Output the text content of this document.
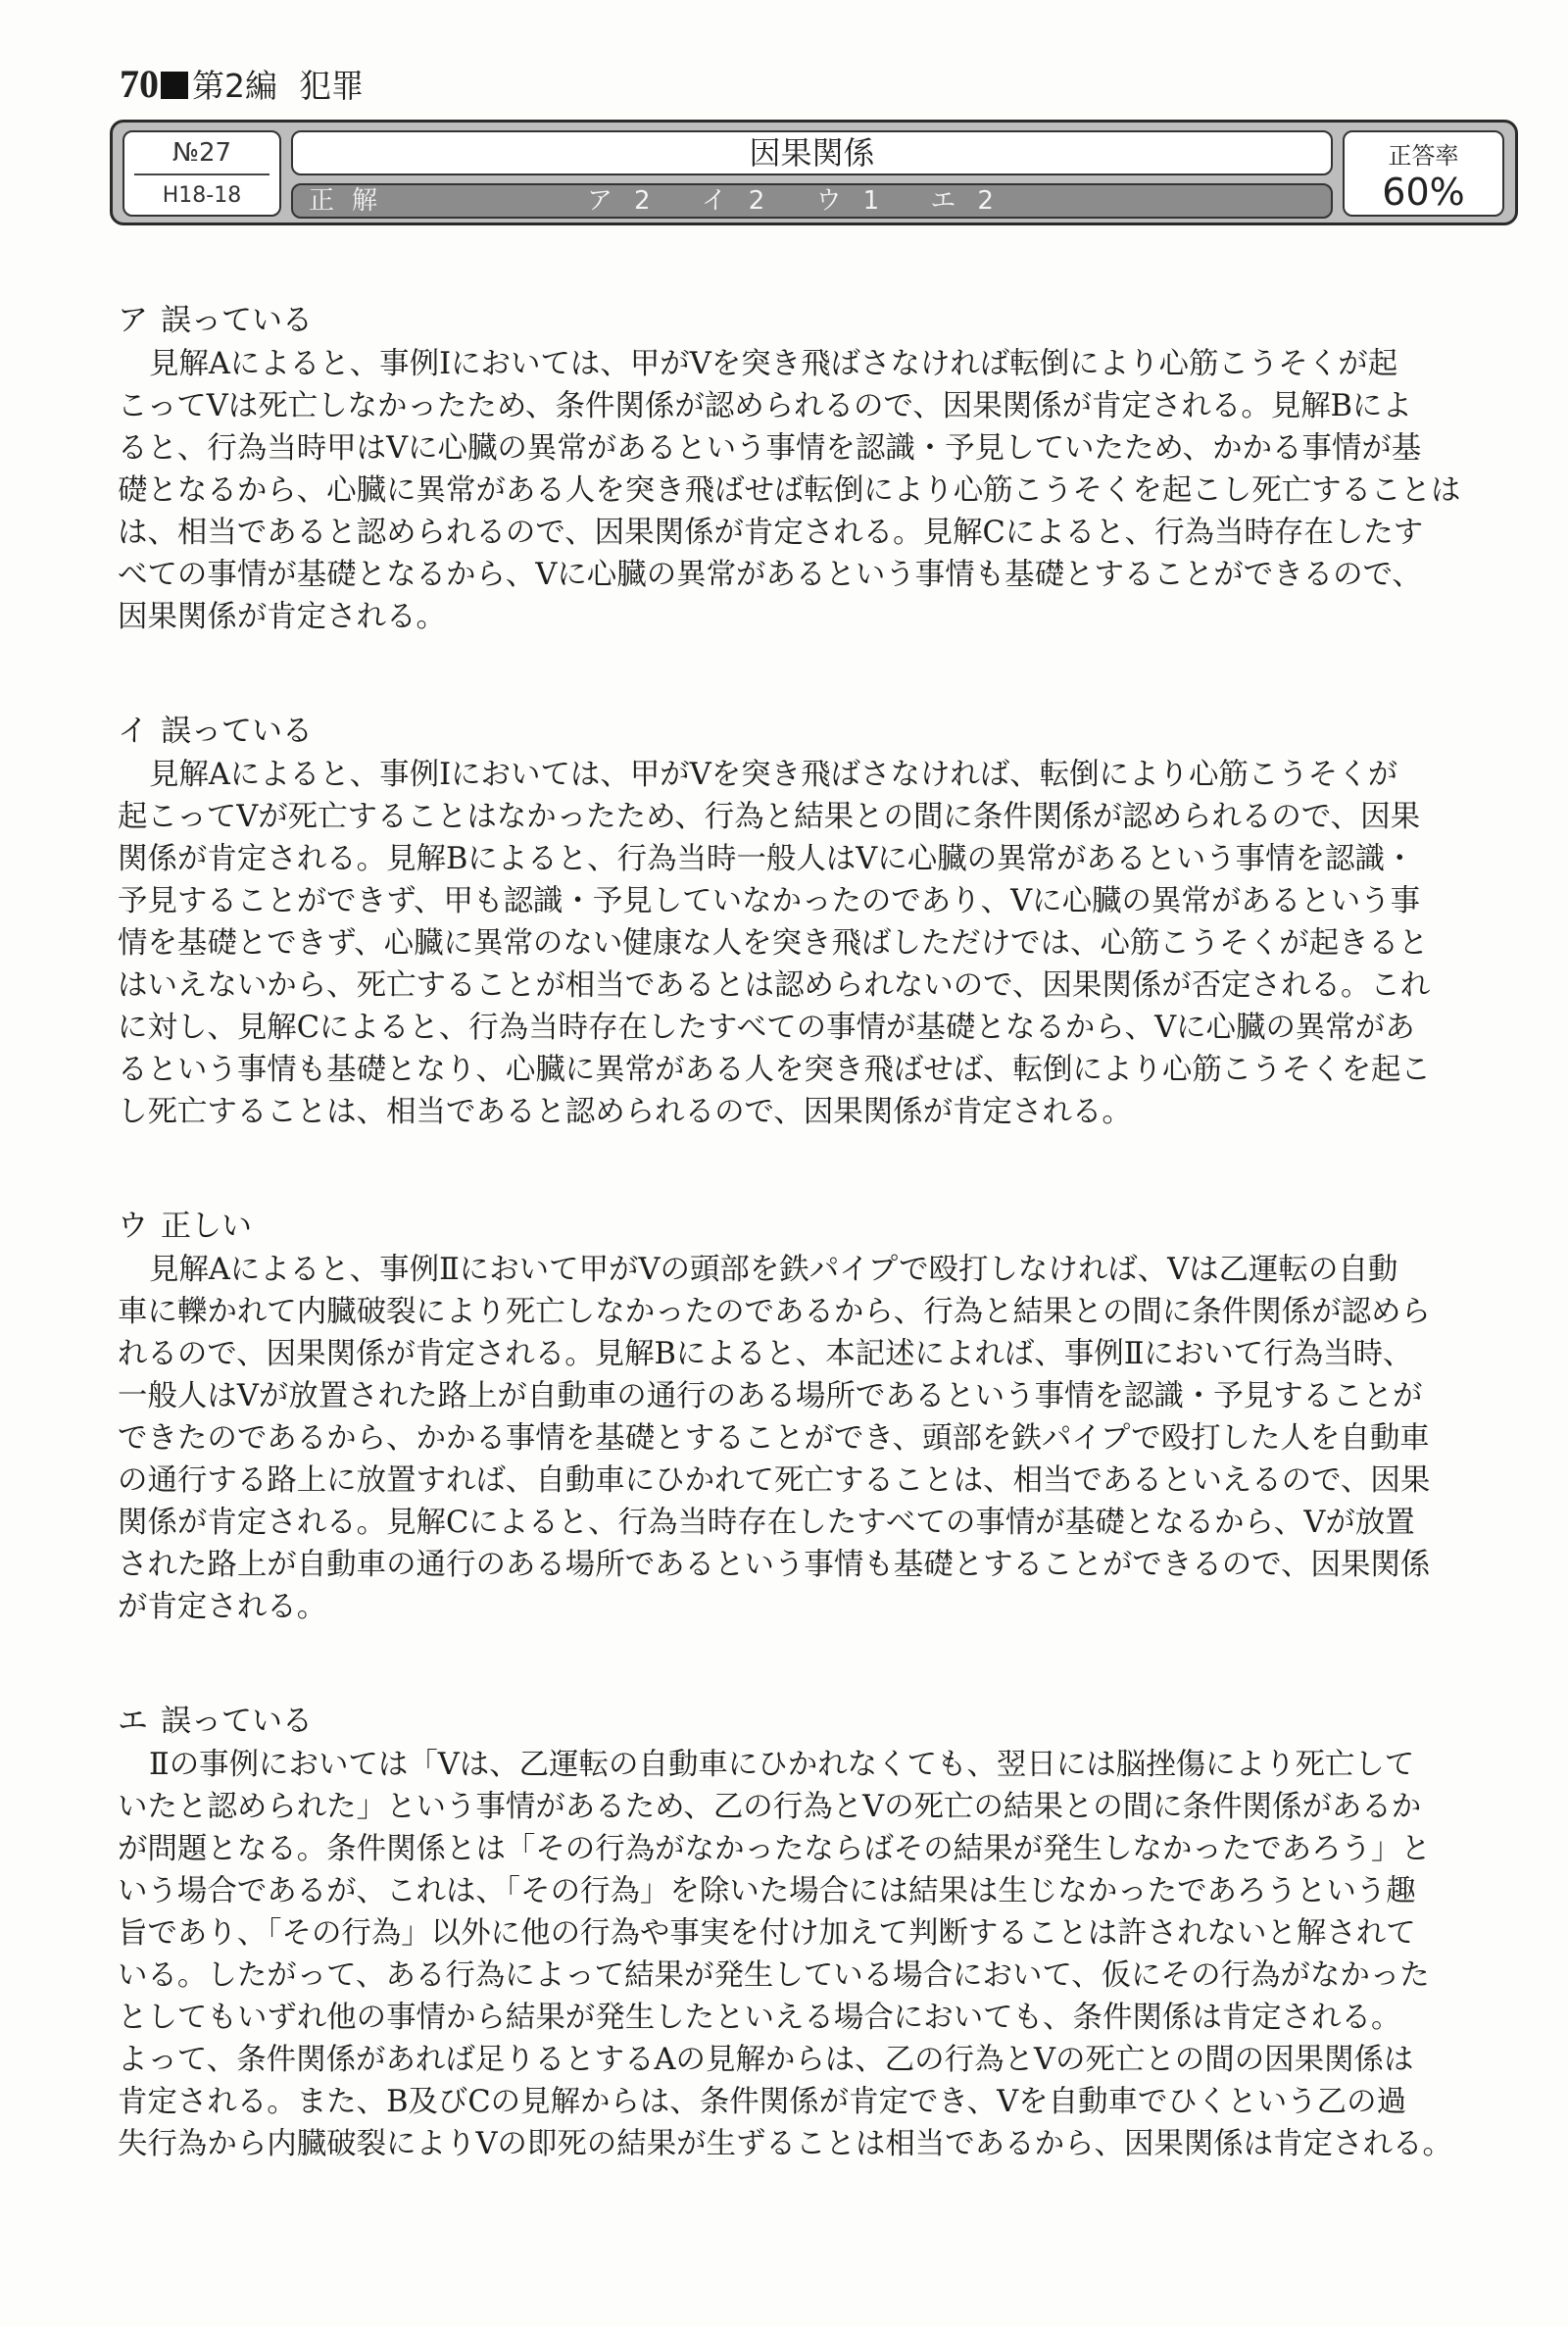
70 第2編 犯罪
№27
H18-18
因果関係
正解	ア2 イ2 ウ1 エ2
正答率
60%
ア 誤っている
見解Aによると、事例Ⅰにおいては、甲がVを突き飛ばさなければ転倒により心筋こうそくが起
こってVは死亡しなかったため、条件関係が認められるので、因果関係が肯定される。見解Bによ
ると、行為当時甲はVに心臓の異常があるという事情を認識・予見していたため、かかる事情が基
礎となるから、心臓に異常がある人を突き飛ばせば転倒により心筋こうそくを起こし死亡することは
は、相当であると認められるので、因果関係が肯定される。見解Cによると、行為当時存在したす
べての事情が基礎となるから、Vに心臓の異常があるという事情も基礎とすることができるので、
因果関係が肯定される。
イ 誤っている
見解Aによると、事例Ⅰにおいては、甲がVを突き飛ばさなければ、転倒により心筋こうそくが
起こってVが死亡することはなかったため、行為と結果との間に条件関係が認められるので、因果
関係が肯定される。見解Bによると、行為当時一般人はVに心臓の異常があるという事情を認識・
予見することができず、甲も認識・予見していなかったのであり、Vに心臓の異常があるという事
情を基礎とできず、心臓に異常のない健康な人を突き飛ばしただけでは、心筋こうそくが起きると
はいえないから、死亡することが相当であるとは認められないので、因果関係が否定される。これ
に対し、見解Cによると、行為当時存在したすべての事情が基礎となるから、Vに心臓の異常があ
るという事情も基礎となり、心臓に異常がある人を突き飛ばせば、転倒により心筋こうそくを起こ
し死亡することは、相当であると認められるので、因果関係が肯定される。
ウ 正しい
見解Aによると、事例Ⅱにおいて甲がVの頭部を鉄パイプで殴打しなければ、Vは乙運転の自動
車に轢かれて内臓破裂により死亡しなかったのであるから、行為と結果との間に条件関係が認めら
れるので、因果関係が肯定される。見解Bによると、本記述によれば、事例Ⅱにおいて行為当時、
一般人はVが放置された路上が自動車の通行のある場所であるという事情を認識・予見することが
できたのであるから、かかる事情を基礎とすることができ、頭部を鉄パイプで殴打した人を自動車
の通行する路上に放置すれば、自動車にひかれて死亡することは、相当であるといえるので、因果
関係が肯定される。見解Cによると、行為当時存在したすべての事情が基礎となるから、Vが放置
された路上が自動車の通行のある場所であるという事情も基礎とすることができるので、因果関係
が肯定される。
エ 誤っている
Ⅱの事例においては「Vは、乙運転の自動車にひかれなくても、翌日には脳挫傷により死亡して
いたと認められた」という事情があるため、乙の行為とVの死亡の結果との間に条件関係があるか
が問題となる。条件関係とは「その行為がなかったならばその結果が発生しなかったであろう」と
いう場合であるが、これは、「その行為」を除いた場合には結果は生じなかったであろうという趣
旨であり、「その行為」以外に他の行為や事実を付け加えて判断することは許されないと解されて
いる。したがって、ある行為によって結果が発生している場合において、仮にその行為がなかった
としてもいずれ他の事情から結果が発生したといえる場合においても、条件関係は肯定される。
よって、条件関係があれば足りるとするAの見解からは、乙の行為とVの死亡との間の因果関係は
肯定される。また、B及びCの見解からは、条件関係が肯定でき、Vを自動車でひくという乙の過
失行為から内臓破裂によりVの即死の結果が生ずることは相当であるから、因果関係は肯定される。
